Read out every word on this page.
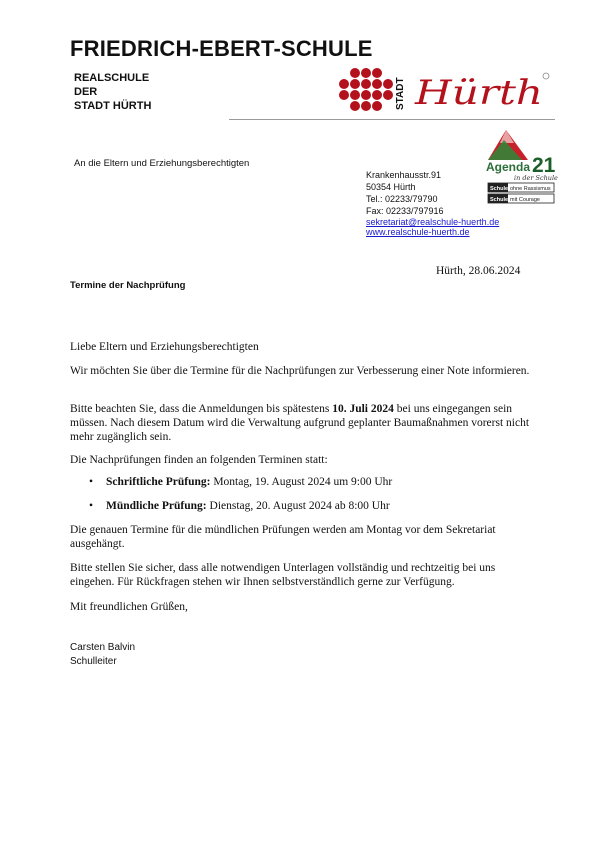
FRIEDRICH-EBERT-SCHULE
REALSCHULE
DER
STADT HÜRTH	STADT Hürth
Agenda 21
in der Schule
Schule ohne Rassismus
Schule mit Courage
An die Eltern und Erziehungsberechtigten
Krankenhausstr.91
50354 Hürth
Tel.: 02233/79790
Fax: 02233/797916
sekretariat@realschule-huerth.de
www.realschule-huerth.de
Hürth, 28.06.2024
Termine der Nachprüfung
Liebe Eltern und Erziehungsberechtigten

Wir möchten Sie über die Termine für die Nachprüfungen zur Verbesserung einer Note informieren.

Bitte beachten Sie, dass die Anmeldungen bis spätestens 10. Juli 2024 bei uns eingegangen sein müssen. Nach diesem Datum wird die Verwaltung aufgrund geplanter Baumaßnahmen vorerst nicht mehr zugänglich sein.

Die Nachprüfungen finden an folgenden Terminen statt:
• Schriftliche Prüfung: Montag, 19. August 2024 um 9:00 Uhr
• Mündliche Prüfung: Dienstag, 20. August 2024 ab 8:00 Uhr
Die genauen Termine für die mündlichen Prüfungen werden am Montag vor dem Sekretariat ausgehängt.
Bitte stellen Sie sicher, dass alle notwendigen Unterlagen vollständig und rechtzeitig bei uns eingehen. Für Rückfragen stehen wir Ihnen selbstverständlich gerne zur Verfügung.
Mit freundlichen Grüßen,
Carsten Balvin
Schulleiter
